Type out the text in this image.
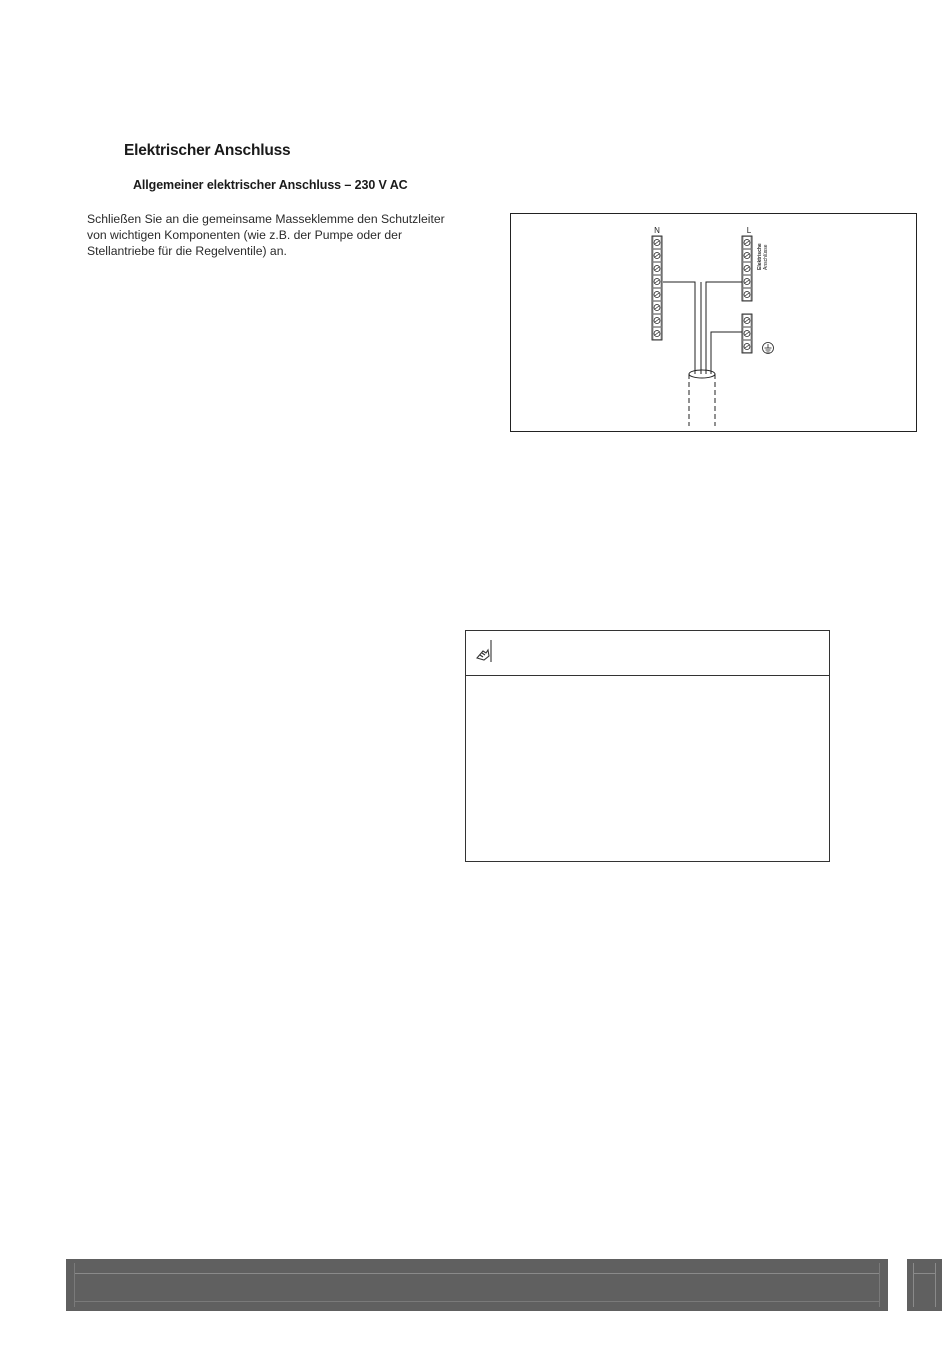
Elektrischer Anschluss
Allgemeiner elektrischer Anschluss – 230 V AC
Schließen Sie an die gemeinsame Masseklemme den Schutzleiter
von wichtigen Komponenten (wie z.B. der Pumpe oder der
Stellantriebe für die Regelventile) an.
N	L
Elektrische Anschlüsse
